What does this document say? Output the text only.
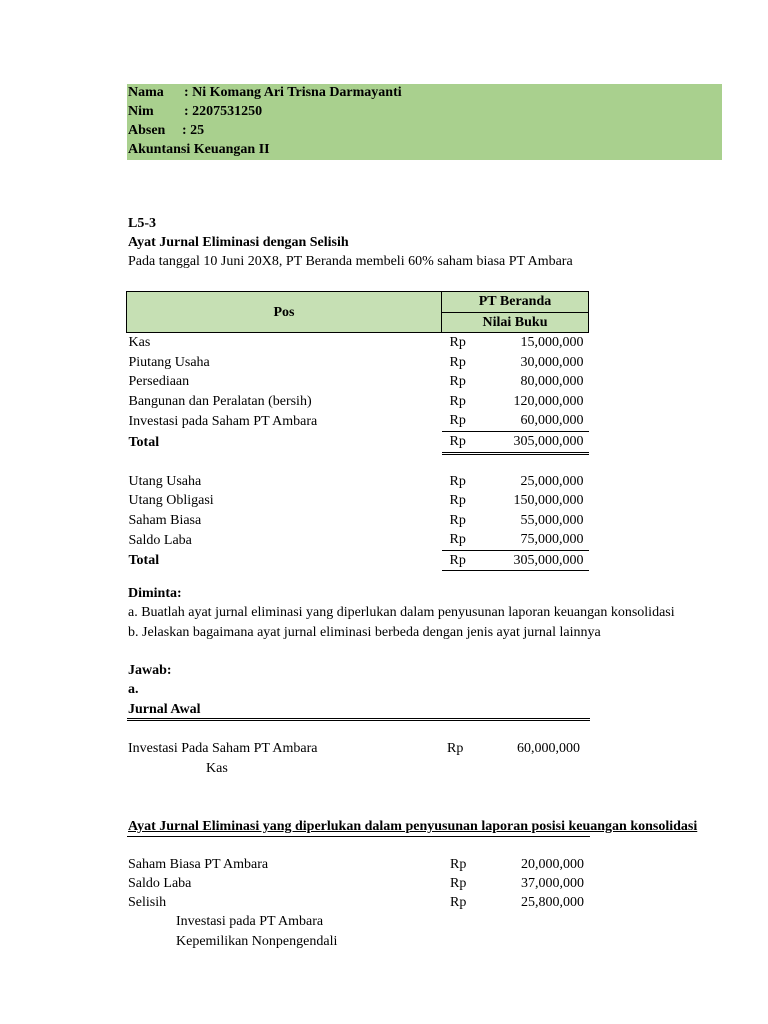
Nama : Ni Komang Ari Trisna Darmayanti
Nim : 2207531250
Absen : 25
Akuntansi Keuangan II
L5-3
Ayat Jurnal Eliminasi dengan Selisih
Pada tanggal 10 Juni 20X8, PT Beranda membeli 60% saham biasa PT Ambara
Pos	PT Beranda	
	Nilai Buku	
Kas	Rp	15,000,000
Piutang Usaha	Rp	30,000,000
Persediaan	Rp	80,000,000
Bangunan dan Peralatan (bersih)	Rp	120,000,000
Investasi pada Saham PT Ambara	Rp	60,000,000
Total	Rp	305,000,000

Utang Usaha	Rp	25,000,000
Utang Obligasi	Rp	150,000,000
Saham Biasa	Rp	55,000,000
Saldo Laba	Rp	75,000,000
Total	Rp	305,000,000
Diminta:
a. Buatlah ayat jurnal eliminasi yang diperlukan dalam penyusunan laporan keuangan konsolidasi
b. Jelaskan bagaimana ayat jurnal eliminasi berbeda dengan jenis ayat jurnal lainnya
Jawab:
a.
Jurnal Awal
Investasi Pada Saham PT Ambara	Rp	60,000,000
Kas
Ayat Jurnal Eliminasi yang diperlukan dalam penyusunan laporan posisi keuangan konsolidasi
Saham Biasa PT Ambara	Rp	20,000,000
Saldo Laba	Rp	37,000,000
Selisih	Rp	25,800,000
Investasi pada PT Ambara
Kepemilikan Nonpengendali
